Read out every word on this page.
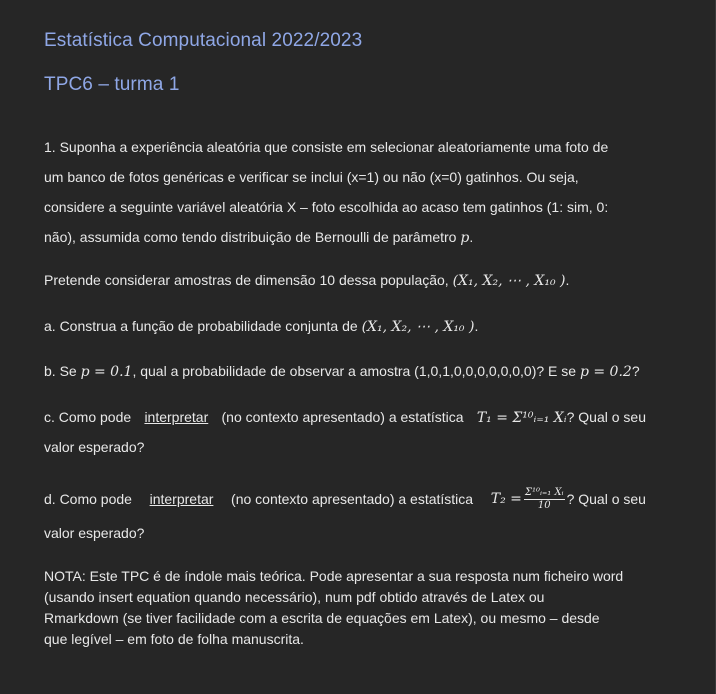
Estatística Computacional 2022/2023
TPC6 – turma 1
1. Suponha a experiência aleatória que consiste em selecionar aleatoriamente uma foto de
um banco de fotos genéricas e verificar se inclui (x=1) ou não (x=0) gatinhos. Ou seja,
considere a seguinte variável aleatória X – foto escolhida ao acaso tem gatinhos (1: sim, 0:
não), assumida como tendo distribuição de Bernoulli de parâmetro p.
Pretende considerar amostras de dimensão 10 dessa população, (X₁, X₂, ⋯ , X₁₀ ).
a. Construa a função de probabilidade conjunta de (X₁, X₂, ⋯ , X₁₀ ).
b. Se p = 0.1, qual a probabilidade de observar a amostra (1,0,1,0,0,0,0,0,0,0)? E se p = 0.2?
c. Como pode interpretar (no contexto apresentado) a estatística T₁ = Σ¹⁰ᵢ₌₁ Xᵢ? Qual o seu
valor esperado?
d. Como pode interpretar (no contexto apresentado) a estatística $T_2 = \frac{\text{Σ¹⁰ᵢ₌₁ Xᵢ}}{10}$ ? Qual o seu
valor esperado?
NOTA: Este TPC é de índole mais teórica. Pode apresentar a sua resposta num ficheiro word
(usando insert equation quando necessário), num pdf obtido através de Latex ou
Rmarkdown (se tiver facilidade com a escrita de equações em Latex), ou mesmo – desde
que legível – em foto de folha manuscrita.
